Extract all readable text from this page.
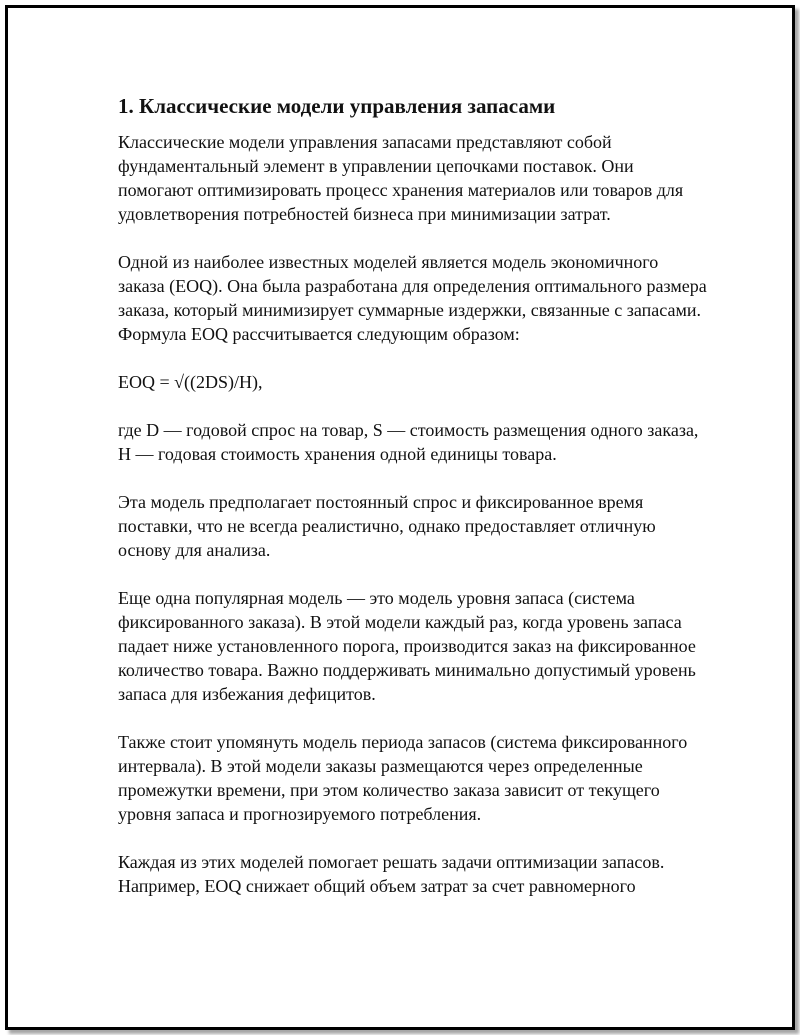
1. Классические модели управления запасами

Классические модели управления запасами представляют собой фундаментальный элемент в управлении цепочками поставок. Они помогают оптимизировать процесс хранения материалов или товаров для удовлетворения потребностей бизнеса при минимизации затрат.

Одной из наиболее известных моделей является модель экономичного заказа (EOQ). Она была разработана для определения оптимального размера заказа, который минимизирует суммарные издержки, связанные с запасами. Формула EOQ рассчитывается следующим образом:

EOQ = √((2DS)/H),

где D — годовой спрос на товар, S — стоимость размещения одного заказа, H — годовая стоимость хранения одной единицы товара.

Эта модель предполагает постоянный спрос и фиксированное время поставки, что не всегда реалистично, однако предоставляет отличную основу для анализа.

Еще одна популярная модель — это модель уровня запаса (система фиксированного заказа). В этой модели каждый раз, когда уровень запаса падает ниже установленного порога, производится заказ на фиксированное количество товара. Важно поддерживать минимально допустимый уровень запаса для избежания дефицитов.

Также стоит упомянуть модель периода запасов (система фиксированного интервала). В этой модели заказы размещаются через определенные промежутки времени, при этом количество заказа зависит от текущего уровня запаса и прогнозируемого потребления.

Каждая из этих моделей помогает решать задачи оптимизации запасов. Например, EOQ снижает общий объем затрат за счет равномерного
